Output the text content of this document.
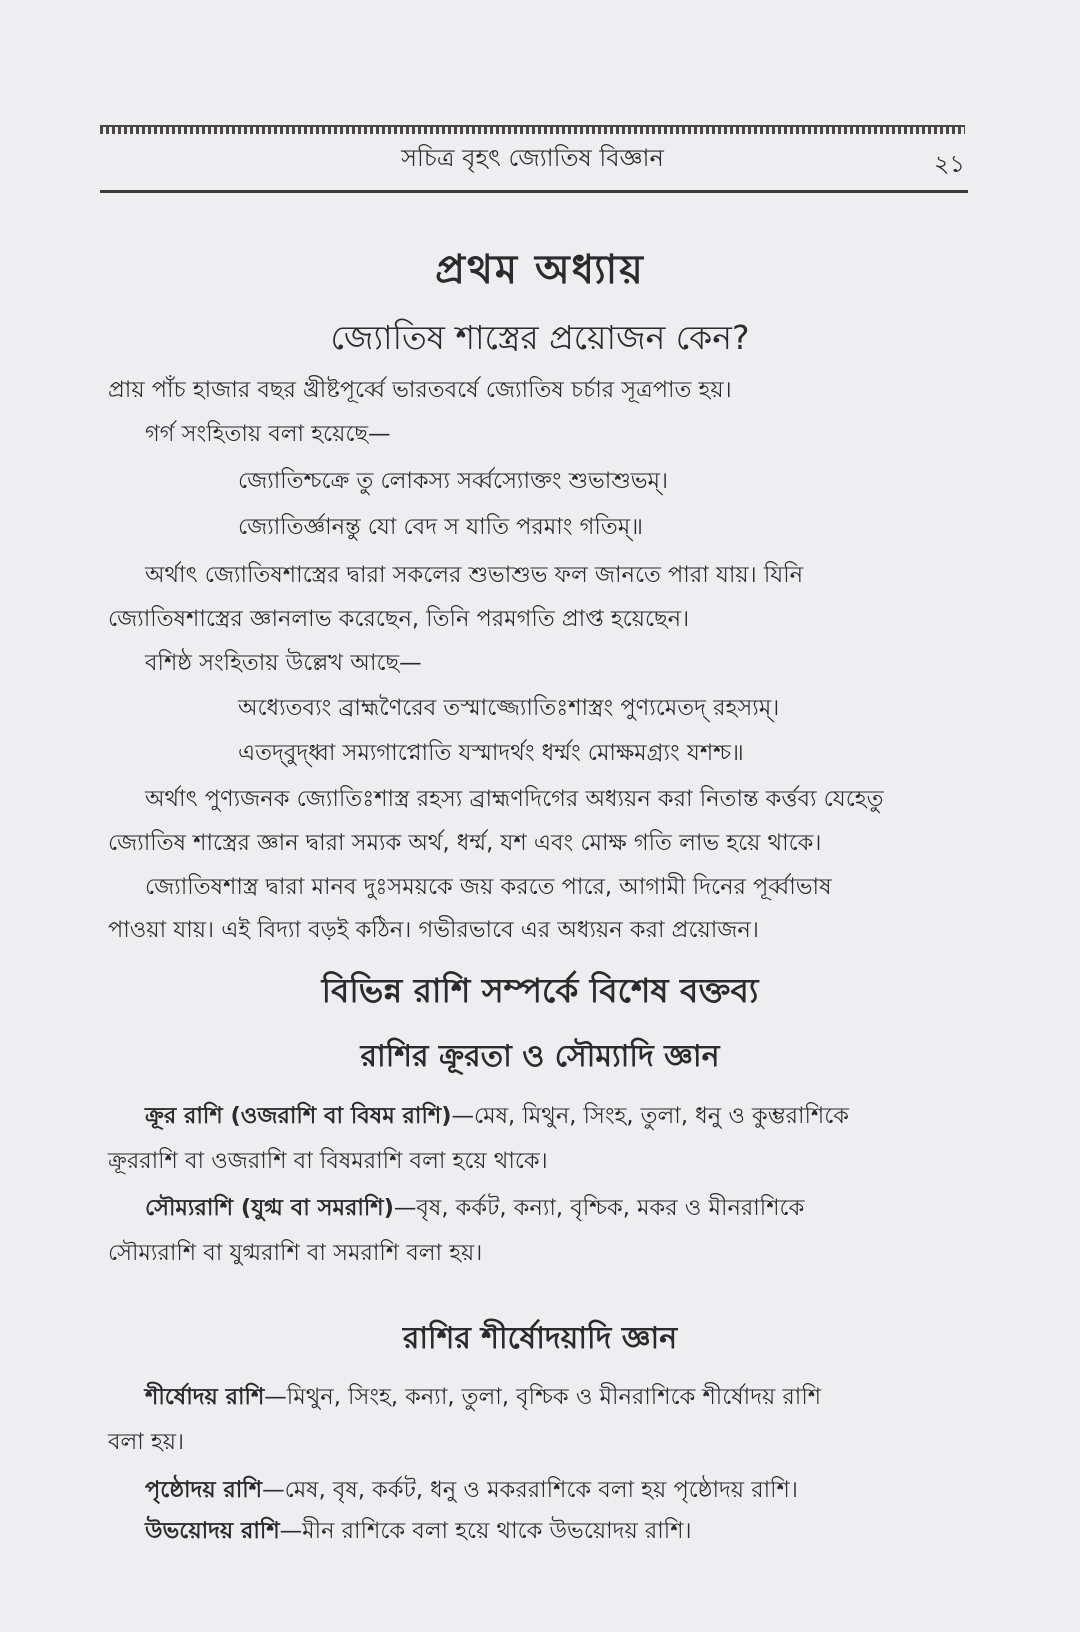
সচিত্র বৃহৎ জ্যোতিষ বিজ্ঞান	২১
প্রথম অধ্যায়
জ্যোতিষ শাস্ত্রের প্রয়োজন কেন?
প্রায় পাঁচ হাজার বছর খ্রীষ্টপূর্ব্বে ভারতবর্ষে জ্যোতিষ চর্চার সূত্রপাত হয়।
গর্গ সংহিতায় বলা হয়েছে—
জ্যোতিশ্চক্রে তু লোকস্য সর্ব্বস্যোক্তং শুভাশুভম্।
জ্যোতির্জ্ঞানন্তু যো বেদ স যাতি পরমাং গতিম্॥
অর্থাৎ জ্যোতিষশাস্ত্রের দ্বারা সকলের শুভাশুভ ফল জানতে পারা যায়। যিনি
জ্যোতিষশাস্ত্রের জ্ঞানলাভ করেছেন, তিনি পরমগতি প্রাপ্ত হয়েছেন।
বশিষ্ঠ সংহিতায় উল্লেখ আছে—
অধ্যেতব্যং ব্রাহ্মণৈরেব তস্মাজ্জ্যোতিঃশাস্ত্রং পুণ্যমেতদ্ রহস্যম্।
এতদ্‌বুদ্ধ্বা সম্যগাপ্নোতি যস্মাদর্থং ধর্ম্মং মোক্ষমগ্র্যং যশশ্চ॥
অর্থাৎ পুণ্যজনক জ্যোতিঃশাস্ত্র রহস্য ব্রাহ্মণদিগের অধ্যয়ন করা নিতান্ত কর্ত্তব্য যেহেতু
জ্যোতিষ শাস্ত্রের জ্ঞান দ্বারা সম্যক অর্থ, ধর্ম্ম, যশ এবং মোক্ষ গতি লাভ হয়ে থাকে।
জ্যোতিষশাস্ত্র দ্বারা মানব দুঃসময়কে জয় করতে পারে, আগামী দিনের পূর্ব্বাভাষ
পাওয়া যায়। এই বিদ্যা বড়ই কঠিন। গভীরভাবে এর অধ্যয়ন করা প্রয়োজন।
বিভিন্ন রাশি সম্পর্কে বিশেষ বক্তব্য
রাশির ক্রূরতা ও সৌম্যাদি জ্ঞান
ক্রূর রাশি (ওজরাশি বা বিষম রাশি)—মেষ, মিথুন, সিংহ, তুলা, ধনু ও কুম্ভরাশিকে
ক্রূররাশি বা ওজরাশি বা বিষমরাশি বলা হয়ে থাকে।
সৌম্যরাশি (যুগ্ম বা সমরাশি)—বৃষ, কর্কট, কন্যা, বৃশ্চিক, মকর ও মীনরাশিকে
সৌম্যরাশি বা যুগ্মরাশি বা সমরাশি বলা হয়।
রাশির শীর্ষোদয়াদি জ্ঞান
শীর্ষোদয় রাশি—মিথুন, সিংহ, কন্যা, তুলা, বৃশ্চিক ও মীনরাশিকে শীর্ষোদয় রাশি
বলা হয়।
পৃষ্ঠোদয় রাশি—মেষ, বৃষ, কর্কট, ধনু ও মকররাশিকে বলা হয় পৃষ্ঠোদয় রাশি।
উভয়োদয় রাশি—মীন রাশিকে বলা হয়ে থাকে উভয়োদয় রাশি।
